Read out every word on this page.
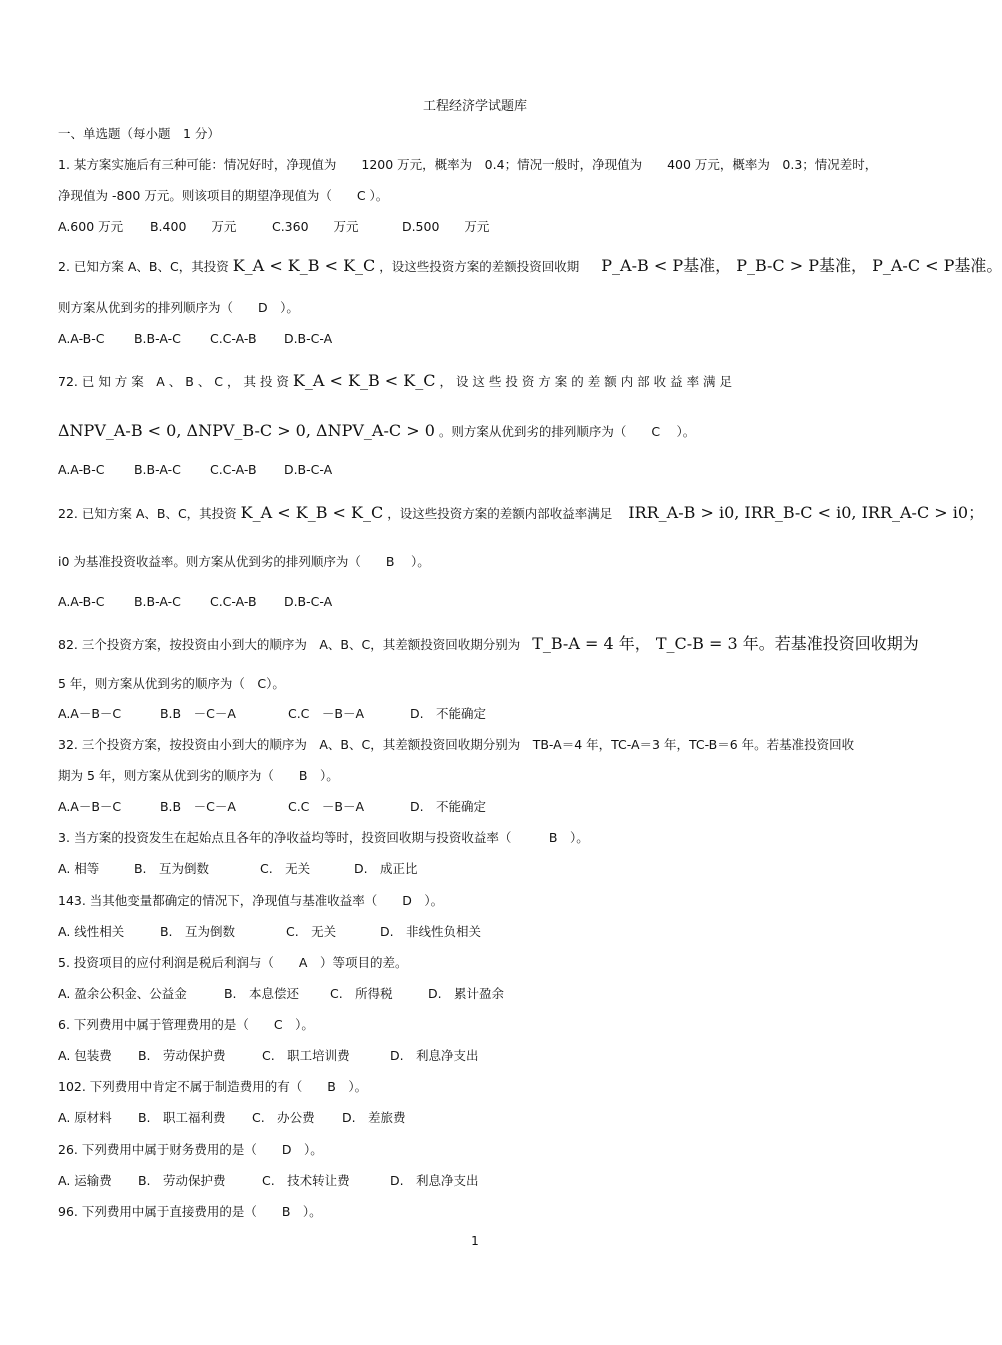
工程经济学试题库
一、单选题（每小题　1 分）
1. 某方案实施后有三种可能：情况好时，净现值为　　1200 万元，概率为　0.4；情况一般时，净现值为　　400 万元，概率为　0.3；情况差时，
净现值为 -800 万元。则该项目的期望净现值为（　　C ）。
A.600 万元 B.400　　万元	C.360　　万元	D.500　　万元
2. 已知方案 A、B、C，其投资 K_A < K_B < K_C ，设这些投资方案的差额投资回收期 P_A-B < P基准， P_B-C > P基准， P_A-C < P基准。
则方案从优到劣的排列顺序为（　　D　）。
A.A-B-C B.B-A-C C.C-A-B D.B-C-A
72. 已 知 方 案　A 、 B 、 C ， 其 投 资 K_A < K_B < K_C ， 设 这 些 投 资 方 案 的 差 额 内 部 收 益 率 满 足
ΔNPV_A-B < 0, ΔNPV_B-C > 0, ΔNPV_A-C > 0 。则方案从优到劣的排列顺序为（　　C　 ）。
A.A-B-C B.B-A-C C.C-A-B D.B-C-A
22. 已知方案 A、B、C，其投资 K_A < K_B < K_C ，设这些投资方案的差额内部收益率满足 IRR_A-B > i0, IRR_B-C < i0, IRR_A-C > i0；
i0 为基准投资收益率。则方案从优到劣的排列顺序为（　　B　 ）。
A.A-B-C B.B-A-C C.C-A-B D.B-C-A
82. 三个投资方案，按投资由小到大的顺序为　A、B、C，其差额投资回收期分别为 T_B-A = 4 年， T_C-B = 3 年。若基准投资回收期为
5 年，则方案从优到劣的顺序为（　C）。
A.A－B－C	B.B　－C－A	C.C　－B－A	D.　不能确定
32. 三个投资方案，按投资由小到大的顺序为　A、B、C，其差额投资回收期分别为　TB-A＝4 年，TC-A＝3 年，TC-B＝6 年。若基准投资回收
期为 5 年，则方案从优到劣的顺序为（　　B　）。
A.A－B－C	B.B　－C－A	C.C　－B－A	D.　不能确定
3. 当方案的投资发生在起始点且各年的净收益均等时，投资回收期与投资收益率（　　　B　）。
A. 相等	B.　互为倒数	C.　无关	D.　成正比
143. 当其他变量都确定的情况下，净现值与基准收益率（　　D　）。
A. 线性相关	B.　互为倒数	C.　无关	D.　非线性负相关
5. 投资项目的应付利润是税后利润与（　　A　）等项目的差。
A. 盈余公积金、公益金	B.　本息偿还 C.　所得税	D.　累计盈余
6. 下列费用中属于管理费用的是（　　C　）。
A. 包装费 B.　劳动保护费	C.　职工培训费	D.　利息净支出
102. 下列费用中肯定不属于制造费用的有（　　B　）。
A. 原材料 B.　职工福利费 C.　办公费 D.　差旅费
26. 下列费用中属于财务费用的是（　　D　）。
A. 运输费 B.　劳动保护费	C.　技术转让费	D.　利息净支出
96. 下列费用中属于直接费用的是（　　B　）。
1
